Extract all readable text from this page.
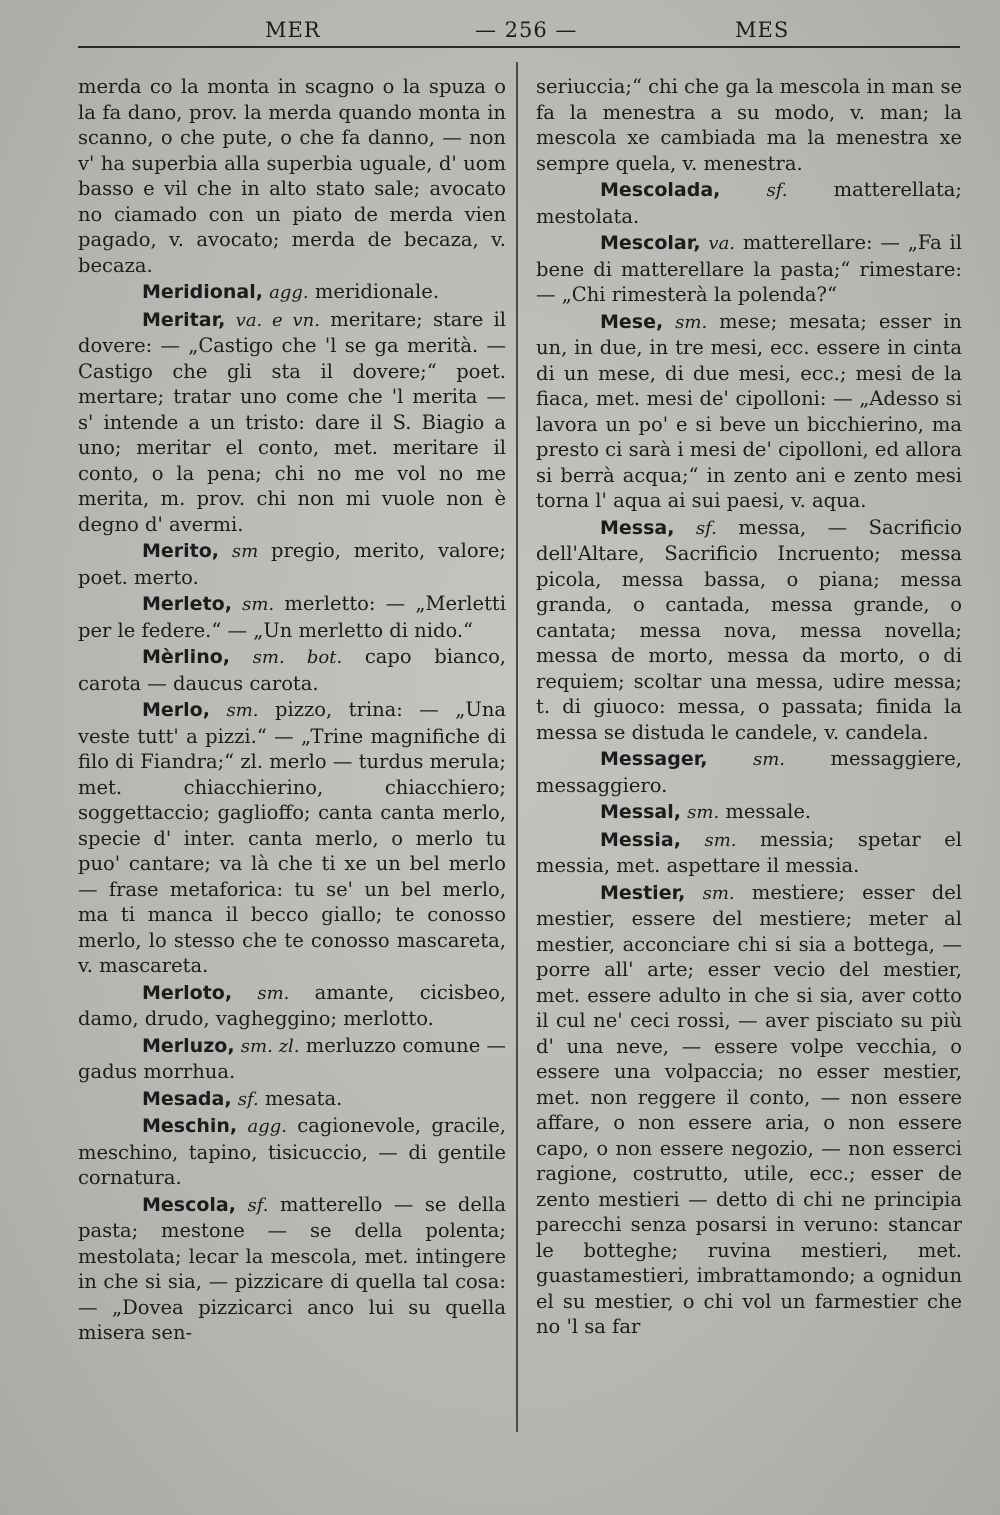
MER	— 256 —	MES

merda co la monta in scagno o la spuza o la fa dano, prov. la merda quando monta in scanno, o che pute, o che fa danno, — non v' ha superbia alla superbia uguale, d' uom basso e vil che in alto stato sale; avocato no ciamado con un piato de merda vien pagado, v. avocato; merda de becaza, v. becaza.

Meridional, agg. meridionale.

Meritar, va. e vn. meritare; stare il dovere: — „Castigo che 'l se ga merità. — Castigo che gli sta il dovere;“ poet. mertare; tratar uno come che 'l merita — s' intende a un tristo: dare il S. Biagio a uno; meritar el conto, met. meritare il conto, o la pena; chi no me vol no me merita, m. prov. chi non mi vuole non è degno d' avermi.

Merito, sm pregio, merito, valore; poet. merto.

Merleto, sm. merletto: — „Merletti per le federe.“ — „Un merletto di nido.“

Mèrlino, sm. bot. capo bianco, carota — daucus carota.

Merlo, sm. pizzo, trina: — „Una veste tutt' a pizzi.“ — „Trine magnifiche di filo di Fiandra;“ zl. merlo — turdus merula; met. chiacchierino, chiacchiero; soggettaccio; gaglioffo; canta canta merlo, specie d' inter. canta merlo, o merlo tu puo' cantare; va là che ti xe un bel merlo — frase metaforica: tu se' un bel merlo, ma ti manca il becco giallo; te conosso merlo, lo stesso che te conosso mascareta, v. mascareta.

Merloto, sm. amante, cicisbeo, damo, drudo, vagheggino; merlotto.

Merluzo, sm. zl. merluzzo comune — gadus morrhua.

Mesada, sf. mesata.

Meschin, agg. cagionevole, gracile, meschino, tapino, tisicuccio, — di gentile cornatura.

Mescola, sf. matterello — se della pasta; mestone — se della polenta; mestolata; lecar la mescola, met. intingere in che si sia, — pizzicare di quella tal cosa: — „Dovea pizzicarci anco lui su quella misera sen-

seriuccia;“ chi che ga la mescola in man se fa la menestra a su modo, v. man; la mescola xe cambiada ma la menestra xe sempre quela, v. menestra.

Mescolada,	sf. matterellata; mestolata.

Mescolar, va. matterellare: — „Fa il bene di matterellare la pasta;“ rimestare: — „Chi rimesterà la polenda?“

Mese, sm. mese; mesata; esser in un, in due, in tre mesi, ecc. essere in cinta di un mese, di due mesi, ecc.; mesi de la fiaca, met. mesi de' cipolloni: — „Adesso si lavora un po' e si beve un bicchierino, ma presto ci sarà i mesi de' cipolloni, ed allora si berrà acqua;“ in zento ani e zento mesi torna l' aqua ai sui paesi, v. aqua.

Messa, sf. messa, — Sacrificio dell'Altare, Sacrificio Incruento; messa picola, messa bassa, o piana; messa granda, o cantada, messa grande, o cantata; messa nova, messa novella; messa de morto, messa da morto, o di requiem; scoltar una messa, udire messa; t. di giuoco: messa, o passata; finida la messa se distuda le candele, v. candela.

Messager,	sm. messaggiere, messaggiero.

Messal, sm. messale.

Messia, sm. messia; spetar el messia, met. aspettare il messia.

Mestier, sm. mestiere; esser del mestier, essere del mestiere; meter al mestier, acconciare chi si sia a bottega, — porre all' arte; esser vecio del mestier, met. essere adulto in che si sia, aver cotto il cul ne' ceci rossi, — aver pisciato su più d' una neve, — essere volpe vecchia, o essere una volpaccia; no esser mestier, met. non reggere il conto, — non essere affare, o non essere aria, o non essere capo, o non essere negozio, — non esserci ragione, costrutto, utile, ecc.; esser de zento mestieri — detto di chi ne principia parecchi senza posarsi in veruno: stancar le botteghe; ruvina mestieri, met. guastamestieri, imbrattamondo; a ognidun el su mestier, o chi vol un farmestier che no 'l sa far
